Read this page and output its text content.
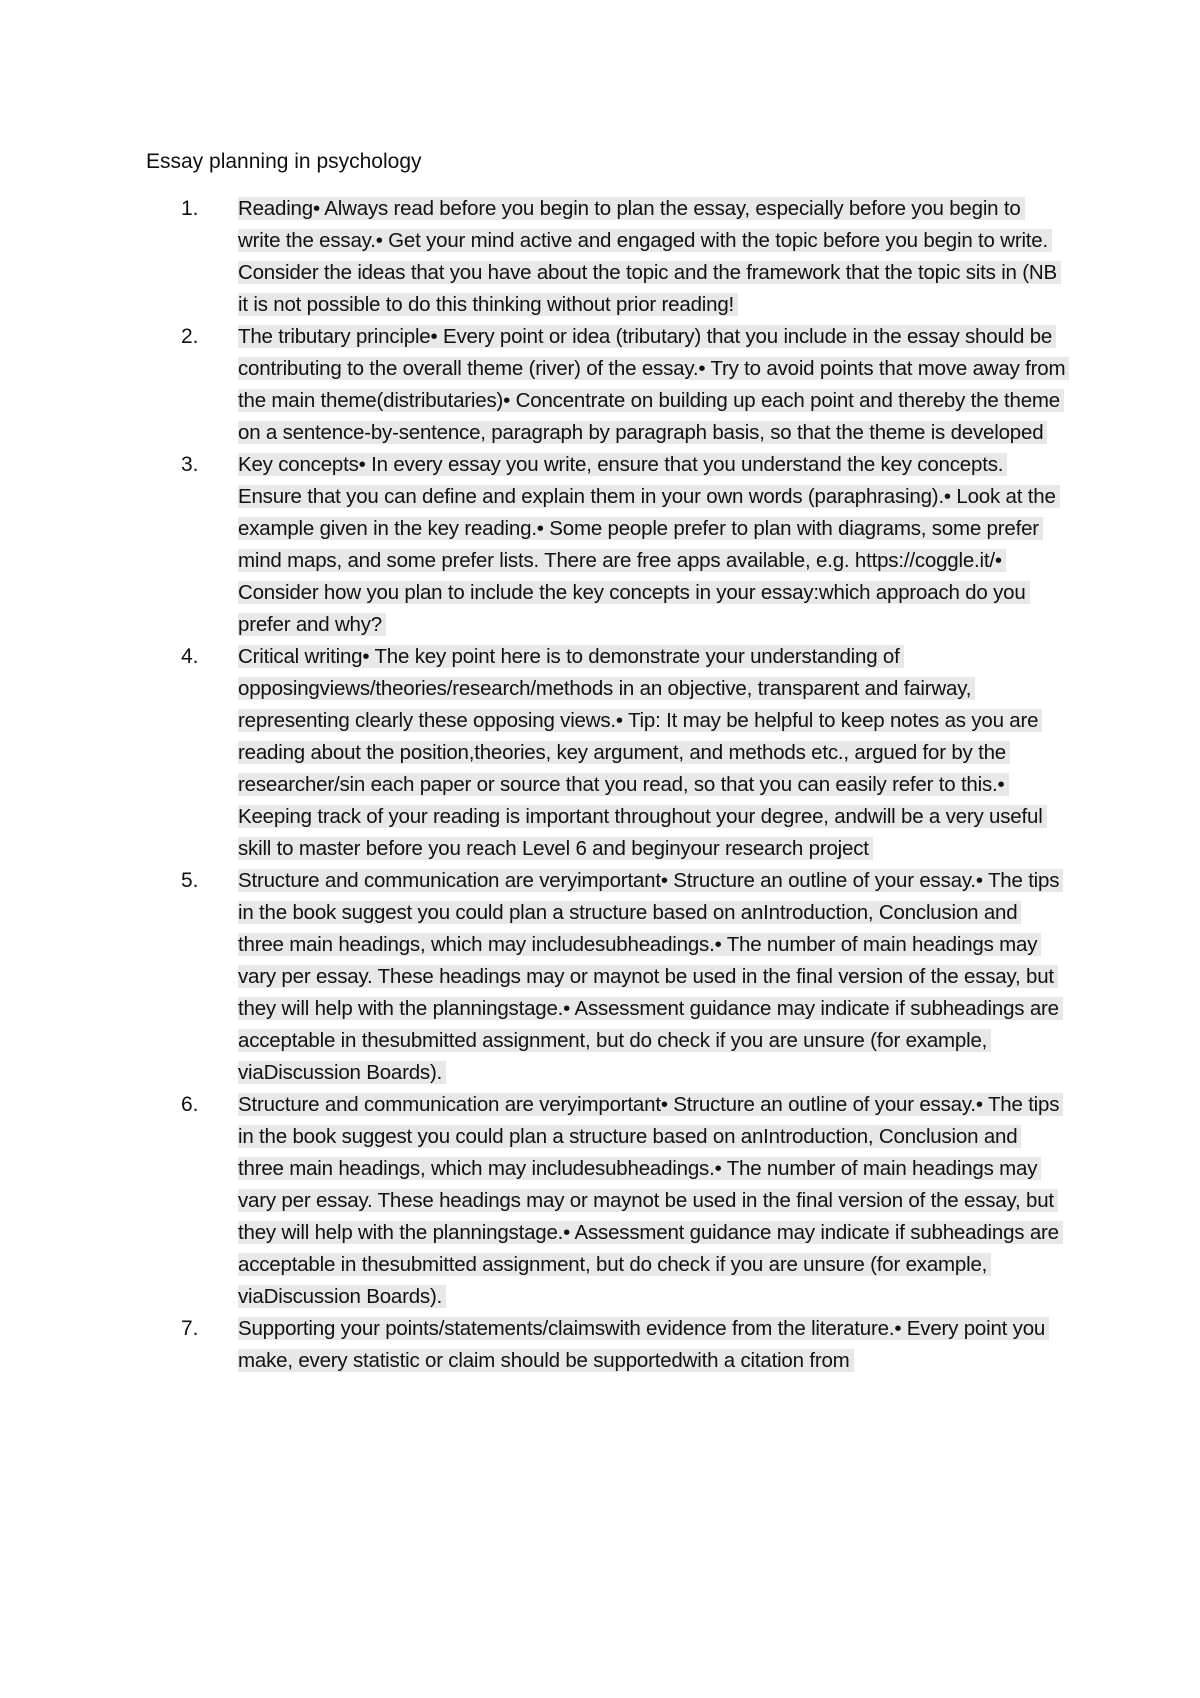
Essay planning in psychology
1. Reading• Always read before you begin to plan the essay, especially before you begin to write the essay.• Get your mind active and engaged with the topic before you begin to write. Consider the ideas that you have about the topic and the framework that the topic sits in (NB it is not possible to do this thinking without prior reading!
2. The tributary principle• Every point or idea (tributary) that you include in the essay should be contributing to the overall theme (river) of the essay.• Try to avoid points that move away from the main theme(distributaries)• Concentrate on building up each point and thereby the theme on a sentence-by-sentence, paragraph by paragraph basis, so that the theme is developed
3. Key concepts• In every essay you write, ensure that you understand the key concepts. Ensure that you can define and explain them in your own words (paraphrasing).• Look at the example given in the key reading.• Some people prefer to plan with diagrams, some prefer mind maps, and some prefer lists. There are free apps available, e.g. https://coggle.it/• Consider how you plan to include the key concepts in your essay:which approach do you prefer and why?
4. Critical writing• The key point here is to demonstrate your understanding of opposingviews/theories/research/methods in an objective, transparent and fairway, representing clearly these opposing views.• Tip: It may be helpful to keep notes as you are reading about the position,theories, key argument, and methods etc., argued for by the researcher/sin each paper or source that you read, so that you can easily refer to this.• Keeping track of your reading is important throughout your degree, andwill be a very useful skill to master before you reach Level 6 and beginyour research project
5. Structure and communication are veryimportant• Structure an outline of your essay.• The tips in the book suggest you could plan a structure based on anIntroduction, Conclusion and three main headings, which may includesubheadings.• The number of main headings may vary per essay. These headings may or maynot be used in the final version of the essay, but they will help with the planningstage.• Assessment guidance may indicate if subheadings are acceptable in thesubmitted assignment, but do check if you are unsure (for example, viaDiscussion Boards).
6. Structure and communication are veryimportant• Structure an outline of your essay.• The tips in the book suggest you could plan a structure based on anIntroduction, Conclusion and three main headings, which may includesubheadings.• The number of main headings may vary per essay. These headings may or maynot be used in the final version of the essay, but they will help with the planningstage.• Assessment guidance may indicate if subheadings are acceptable in thesubmitted assignment, but do check if you are unsure (for example, viaDiscussion Boards).
7. Supporting your points/statements/claimswith evidence from the literature.• Every point you make, every statistic or claim should be supportedwith a citation from
